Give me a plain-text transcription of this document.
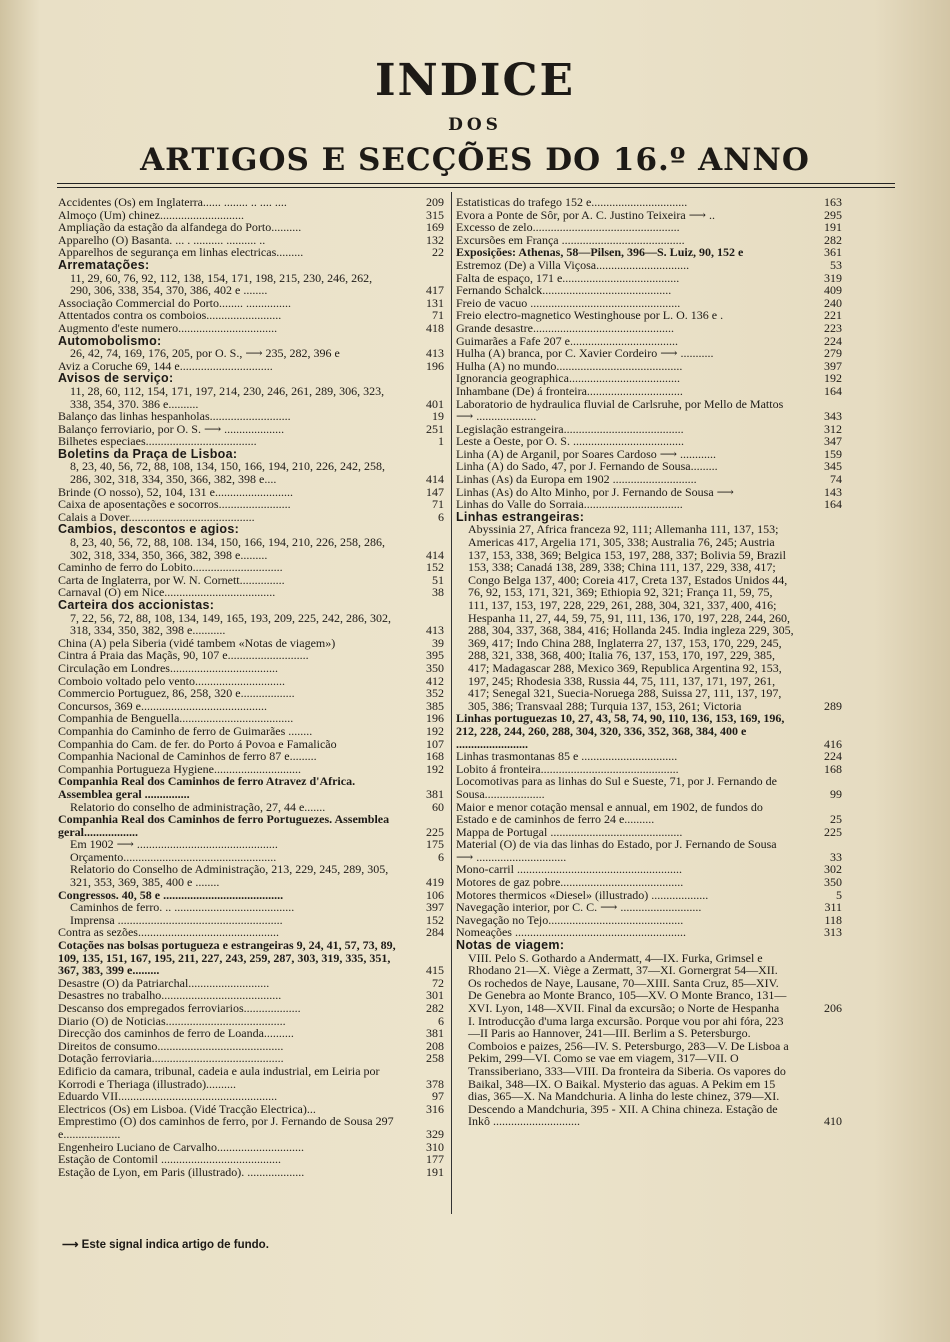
INDICE
DOS
ARTIGOS E SECÇÕES DO 16.º ANNO
Accidentes (Os) em Inglaterra...... ........ .. .... ....	209
Almoço (Um) chinez............................	315
Ampliação da estação da alfandega do Porto..........	169
Apparelho (O) Basanta. ... . .......... .......... ..	132
Apparelhos de segurança em linhas electricas.........	22
Arrematações:
11, 29, 60, 76, 92, 112, 138, 154, 171, 198, 215, 230, 246, 262, 290, 306, 338, 354, 370, 386, 402 e ........	417
Associação Commercial do Porto........ ...............	131
Attentados contra os comboios.........................	71
Augmento d'este numero.................................	418
Automobolismo:
26, 42, 74, 169, 176, 205, por O. S., ⟶ 235, 282, 396 e	413
Aviz a Coruche 69, 144 e...............................	196
Avisos de serviço:
11, 28, 60, 112, 154, 171, 197, 214, 230, 246, 261, 289, 306, 323, 338, 354, 370. 386 e..........	401
Balanço das linhas hespanholas...........................	19
Balanço ferroviario, por O. S. ⟶ ....................	251
Bilhetes especiaes.....................................	1
Boletins da Praça de Lisboa:
8, 23, 40, 56, 72, 88, 108, 134, 150, 166, 194, 210, 226, 242, 258, 286, 302, 318, 334, 350, 366, 382, 398 e....	414
Brinde (O nosso), 52, 104, 131 e..........................	147
Caixa de aposentações e socorros........................	71
Calais a Dover..........................................	6
Cambios, descontos e agios:
8, 23, 40, 56, 72, 88, 108. 134, 150, 166, 194, 210, 226, 258, 286, 302, 318, 334, 350, 366, 382, 398 e.........	414
Caminho de ferro do Lobito..............................	152
Carta de Inglaterra, por W. N. Cornett...............	51
Carnaval (O) em Nice.....................................	38
Carteira dos accionistas:
7, 22, 56, 72, 88, 108, 134, 149, 165, 193, 209, 225, 242, 286, 302, 318, 334, 350, 382, 398 e...........	413
China (A) pela Siberia (vidé tambem «Notas de viagem»)	39
Cintra á Praia das Maçãs, 90, 107 e...........................	395
Circulação em Londres....................................	350
Comboio voltado pelo vento..............................	412
Commercio Portuguez, 86, 258, 320 e..................	352
Concursos, 369 e..........................................	385
Companhia de Benguella......................................	196
Companhia do Caminho de ferro de Guimarães ........	192
Companhia do Cam. de fer. do Porto á Povoa e Famalicão	107
Companhia Nacional de Caminhos de ferro 87 e.........	168
Companhia Portugueza Hygiene.............................	192
Companhia Real dos Caminhos de ferro Atravez d'Africa. Assemblea geral ...............	381
Relatorio do conselho de administração, 27, 44 e.......	60
Companhia Real dos Caminhos de ferro Portuguezes. Assemblea geral..................	225
Em 1902 ⟶ ...............................................	175
Orçamento...................................................	6
Relatorio do Conselho de Administração, 213, 229, 245, 289, 305, 321, 353, 369, 385, 400 e ........	419
Congressos. 40, 58 e ........................................	106
Caminhos de ferro. .. ........................................	397
Imprensa .......................................................	152
Contra as sezões...............................................	284
Cotações nas bolsas portugueza e estrangeiras 9, 24, 41, 57, 73, 89, 109, 135, 151, 167, 195, 211, 227, 243, 259, 287, 303, 319, 335, 351, 367, 383, 399 e.........	415
Desastre (O) da Patriarchal...........................	72
Desastres no trabalho........................................	301
Descanso dos empregados ferroviarios...................	282
Diario (O) de Noticias........................................	6
Direcção dos caminhos de ferro de Loanda..........	381
Direitos de consumo..........................................	208
Dotação ferroviaria............................................	258
Edificio da camara, tribunal, cadeia e aula industrial, em Leiria por Korrodi e Theriaga (illustrado)..........	378
Eduardo VII.....................................................	97
Electricos (Os) em Lisboa. (Vidé Tracção Electrica)...	316
Emprestimo (O) dos caminhos de ferro, por J. Fernando de Sousa 297 e...................	329
Engenheiro Luciano de Carvalho.............................	310
Estação de Contomil ........................................	177
Estação de Lyon, em Paris (illustrado). ...................	191
Estatisticas do trafego 152 e................................	163
Evora a Ponte de Sôr, por A. C. Justino Teixeira ⟶ ..	295
Excesso de zelo.................................................	191
Excursões em França .........................................	282
Exposições: Athenas, 58—Pilsen, 396—S. Luiz, 90, 152 e	361
Estremoz (De) a Villa Viçosa...............................	53
Falta de espaço, 171 e.......................................	319
Fernando Schalck...........................................	409
Freio de vacuo ..................................................	240
Freio electro-magnetico Westinghouse por L. O. 136 e .	221
Grande desastre...............................................	223
Guimarães a Fafe 207 e....................................	224
Hulha (A) branca, por C. Xavier Cordeiro ⟶ ...........	279
Hulha (A) no mundo..........................................	397
Ignorancia geographica.....................................	192
Inhambane (De) á fronteira................................	164
Laboratorio de hydraulica fluvial de Carlsruhe, por Mello de Mattos ⟶ ....................	343
Legislação estrangeira........................................	312
Leste a Oeste, por O. S. .....................................	347
Linha (A) de Arganil, por Soares Cardoso ⟶ ............	159
Linha (A) do Sado, 47, por J. Fernando de Sousa.........	345
Linhas (As) da Europa em 1902 ............................	74
Linhas (As) do Alto Minho, por J. Fernando de Sousa ⟶	143
Linhas do Valle do Sorraia.................................	164
Linhas estrangeiras:
Abyssinia 27, Africa franceza 92, 111; Allemanha 111, 137, 153; Americas 417, Argelia 171, 305, 338; Australia 76, 245; Austria 137, 153, 338, 369; Belgica 153, 197, 288, 337; Bolivia 59, Brazil 153, 338; Canadá 138, 289, 338; China 111, 137, 229, 338, 417; Congo Belga 137, 400; Coreia 417, Creta 137, Estados Unidos 44, 76, 92, 153, 171, 321, 369; Ethiopia 92, 321; França 11, 59, 75, 111, 137, 153, 197, 228, 229, 261, 288, 304, 321, 337, 400, 416; Hespanha 11, 27, 44, 59, 75, 91, 111, 136, 170, 197, 228, 244, 260, 288, 304, 337, 368, 384, 416; Hollanda 245. India ingleza 229, 305, 369, 417; Indo China 288, Inglaterra 27, 137, 153, 170, 229, 245, 288, 321, 338, 368, 400; Italia 76, 137, 153, 170, 197, 229, 385, 417; Madagascar 288, Mexico 369, Republica Argentina 92, 153, 197, 245; Rhodesia 338, Russia 44, 75, 111, 137, 171, 197, 261, 417; Senegal 321, Suecia-Noruega 288, Suissa 27, 111, 137, 197, 305, 386; Transvaal 288; Turquia 137, 153, 261; Victoria	289
Linhas portuguezas 10, 27, 43, 58, 74, 90, 110, 136, 153, 169, 196, 212, 228, 244, 260, 288, 304, 320, 336, 352, 368, 384, 400 e ........................	416
Linhas trasmontanas 85 e ................................	224
Lobito á fronteira..............................................	168
Locomotivas para as linhas do Sul e Sueste, 71, por J. Fernando de Sousa....................	99
Maior e menor cotação mensal e annual, em 1902, de fundos do Estado e de caminhos de ferro 24 e..........	25
Mappa de Portugal ............................................	225
Material (O) de via das linhas do Estado, por J. Fernando de Sousa ⟶ ..............................	33
Mono-carril .......................................................	302
Motores de gaz pobre.........................................	350
Motores thermicos «Diesel» (illustrado) ...................	5
Navegação interior, por C. C. ⟶ ...........................	311
Navegação no Tejo.............................................	118
Nomeações .........................................................	313
Notas de viagem:
VIII. Pelo S. Gothardo a Andermatt, 4—IX. Furka, Grimsel e Rhodano 21—X. Viège a Zermatt, 37—XI. Gornergrat 54—XII. Os rochedos de Naye, Lausane, 70—XIII. Santa Cruz, 85—XIV. De Genebra ao Monte Branco, 105—XV. O Monte Branco, 131—XVI. Lyon, 148—XVII. Final da excursão; o Norte de Hespanha	206
I. Introducção d'uma larga excursão. Porque vou por ahi fóra, 223—II Paris ao Hannover, 241—III. Berlim a S. Petersburgo. Comboios e paizes, 256—IV. S. Petersburgo, 283—V. De Lisboa a Pekim, 299—VI. Como se vae em viagem, 317—VII. O Transsiberiano, 333—VIII. Da fronteira da Siberia. Os vapores do Baikal, 348—IX. O Baikal. Mysterio das aguas. A Pekim em 15 dias, 365—X. Na Mandchuria. A linha do leste chinez, 379—XI. Descendo a Mandchuria, 395 - XII. A China chineza. Estação de Inkô .............................	410
⟶ Este signal indica artigo de fundo.
